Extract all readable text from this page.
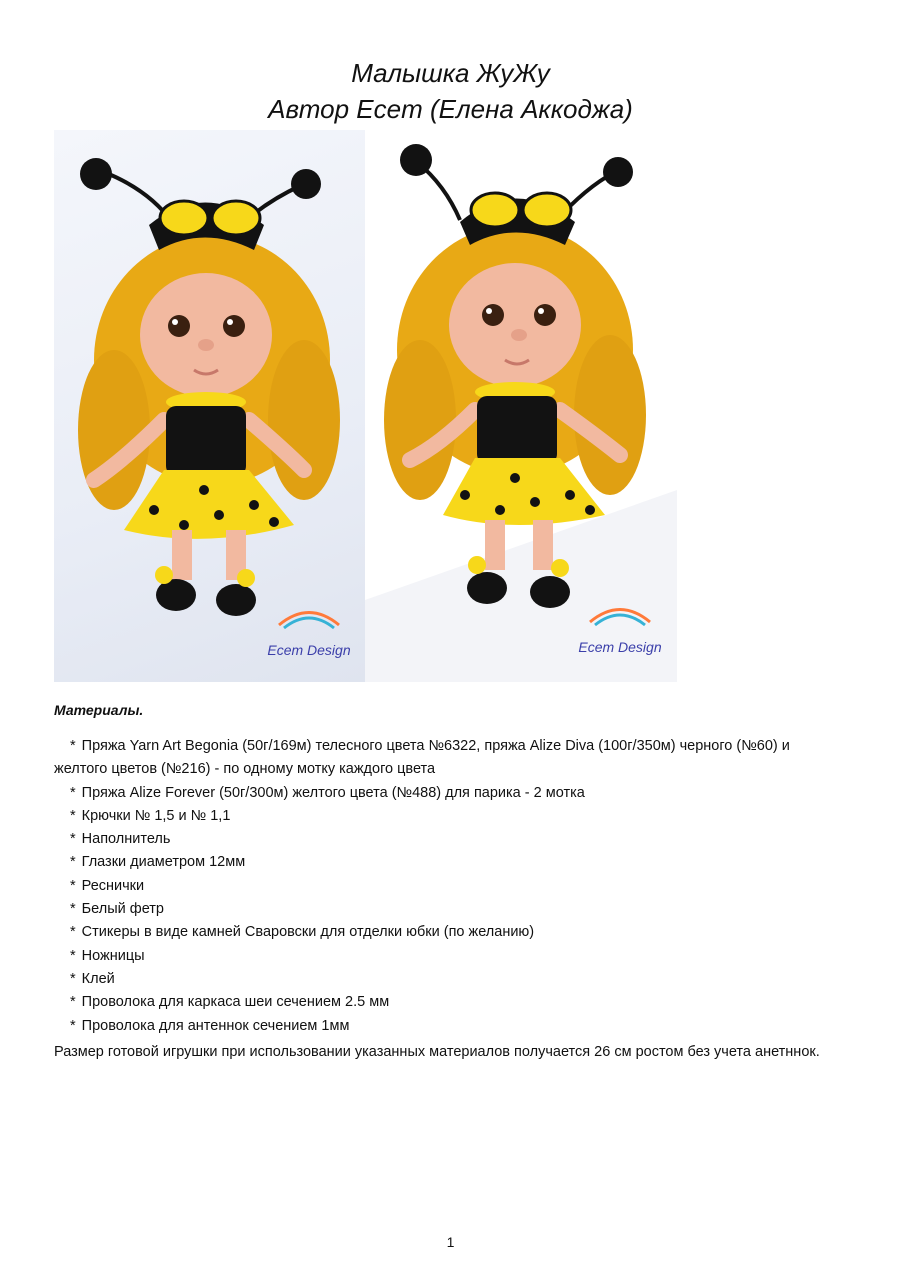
Малышка ЖуЖу
Автор Ecem (Елена Аккоджа)
Ecem Design	Ecem Design
Материалы.
* Пряжа Yarn Art Begonia (50г/169м) телесного цвета №6322, пряжа Alize Diva (100г/350м) черного (№60) и желтого цветов (№216) - по одному мотку каждого цвета
* Пряжа Alize Forever (50г/300м) желтого цвета (№488) для парика - 2 мотка
* Крючки № 1,5 и № 1,1
* Наполнитель
* Глазки диаметром 12мм
* Реснички
* Белый фетр
* Стикеры в виде камней Сваровски для отделки юбки (по желанию)
* Ножницы
* Клей
* Проволока для каркаса шеи сечением 2.5 мм
* Проволока для антеннок сечением 1мм
Размер готовой игрушки при использовании указанных материалов получается 26 см ростом без учета анетннок.
1
